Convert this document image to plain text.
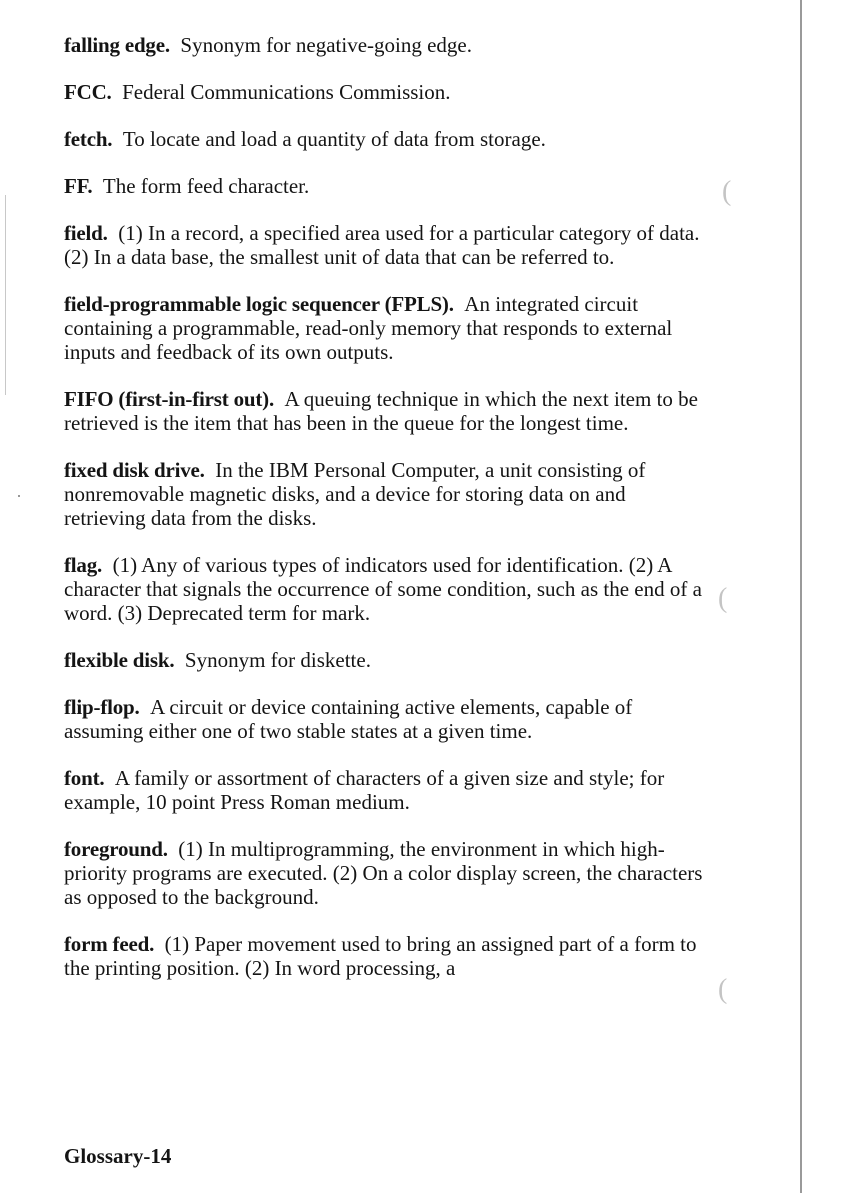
(
(
(

falling edge. Synonym for negative-going edge.

FCC. Federal Communications Commission.

fetch. To locate and load a quantity of data from storage.

FF. The form feed character.

field. (1) In a record, a specified area used for a particular category of data. (2) In a data base, the smallest unit of data that can be referred to.

field-programmable logic sequencer (FPLS). An integrated circuit containing a programmable, read-only memory that responds to external inputs and feedback of its own outputs.

FIFO (first-in-first out). A queuing technique in which the next item to be retrieved is the item that has been in the queue for the longest time.

fixed disk drive. In the IBM Personal Computer, a unit consisting of nonremovable magnetic disks, and a device for storing data on and retrieving data from the disks.

flag. (1) Any of various types of indicators used for identification. (2) A character that signals the occurrence of some condition, such as the end of a word. (3) Deprecated term for mark.

flexible disk. Synonym for diskette.

flip-flop. A circuit or device containing active elements, capable of assuming either one of two stable states at a given time.

font. A family or assortment of characters of a given size and style; for example, 10 point Press Roman medium.

foreground. (1) In multiprogramming, the environment in which high-priority programs are executed. (2) On a color display screen, the characters as opposed to the background.

form feed. (1) Paper movement used to bring an assigned part of a form to the printing position. (2) In word processing, a

Glossary-14
